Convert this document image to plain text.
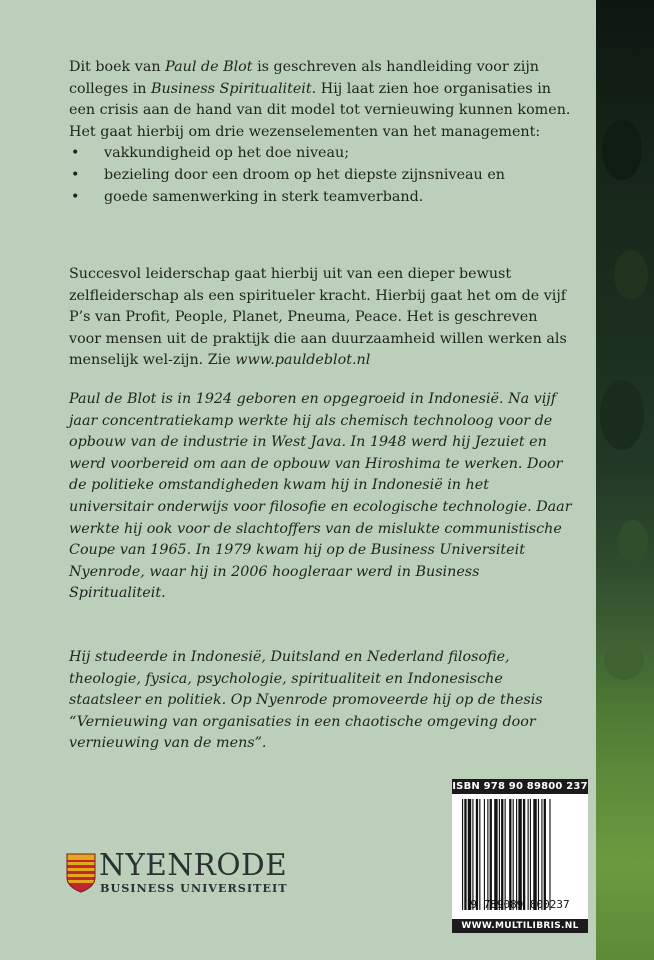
Dit boek van Paul de Blot is geschreven als handleiding voor zijn colleges in Business Spiritualiteit. Hij laat zien hoe organisaties in een crisis aan de hand van dit model tot vernieuwing kunnen komen. Het gaat hierbij om drie wezenselementen van het management:

• vakkundigheid op het doe niveau;
• bezieling door een droom op het diepste zijnsniveau en
• goede samenwerking in sterk teamverband.

Succesvol leiderschap gaat hierbij uit van een dieper bewust zelfleiderschap als een spiritueler kracht. Hierbij gaat het om de vijf P’s van Profit, People, Planet, Pneuma, Peace. Het is geschreven voor mensen uit de praktijk die aan duurzaamheid willen werken als menselijk wel-zijn. Zie www.pauldeblot.nl

Paul de Blot is in 1924 geboren en opgegroeid in Indonesië. Na vijf jaar concentratiekamp werkte hij als chemisch technoloog voor de opbouw van de industrie in West Java. In 1948 werd hij Jezuiet en werd voorbereid om aan de opbouw van Hiroshima te werken. Door de politieke omstandigheden kwam hij in Indonesië in het universitair onderwijs voor filosofie en ecologische technologie. Daar werkte hij ook voor de slachtoffers van de mislukte communistische Coupe van 1965. In 1979 kwam hij op de Business Universiteit Nyenrode, waar hij in 2006 hoogleraar werd in Business Spiritualiteit.

Hij studeerde in Indonesië, Duitsland en Nederland filosofie, theologie, fysica, psychologie, spiritualiteit en Indonesische staatsleer en politiek. Op Nyenrode promoveerde hij op de thesis “Vernieuwing van organisaties in een chaotische omgeving door vernieuwing van de mens”.

NYENRODE
BUSINESS UNIVERSITEIT
ISBN 978 90 89800 237
9 789089 800237
WWW.MULTILIBRIS.NL
